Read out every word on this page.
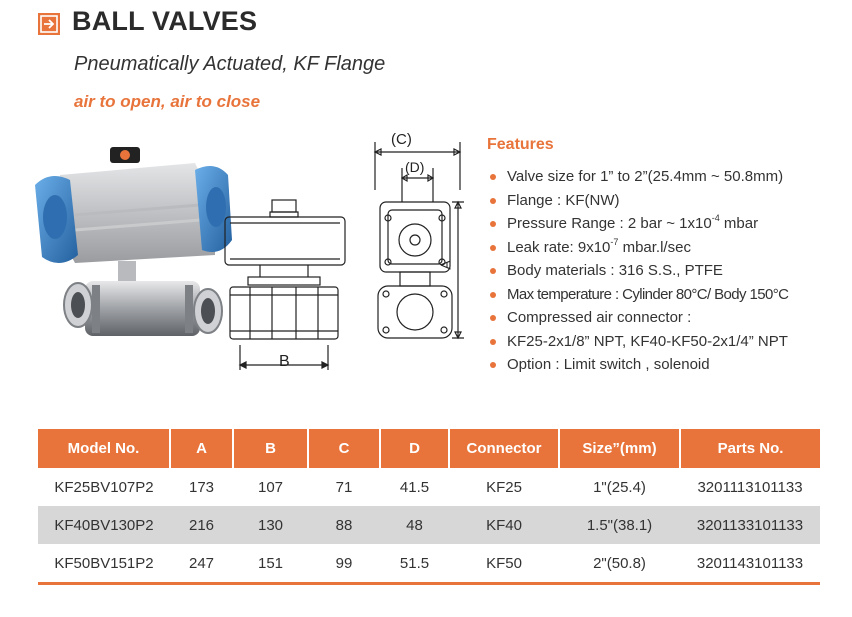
BALL VALVES
Pneumatically Actuated, KF Flange
air to open, air to close
B
(C)
(D)
A
Features
Valve size for 1” to 2”(25.4mm ~ 50.8mm)
Flange : KF(NW)
Pressure Range : 2 bar ~ $1x10^{-4}$ mbar
Leak rate: $9x10^{-7}$ mbar.l/sec
Body materials : 316 S.S., PTFE
Max temperature : Cylinder 80°C/ Body 150°C
Compressed air connector :
KF25-2x1/8” NPT, KF40-KF50-2x1/4” NPT
Option : Limit switch , solenoid
Model No.	A	B	C	D	Connector	Size”(mm)	Parts No.
KF25BV107P2	173	107	71	41.5	KF25	1"(25.4)	3201113101133
KF40BV130P2	216	130	88	48	KF40	1.5"(38.1)	3201133101133
KF50BV151P2	247	151	99	51.5	KF50	2"(50.8)	3201143101133
